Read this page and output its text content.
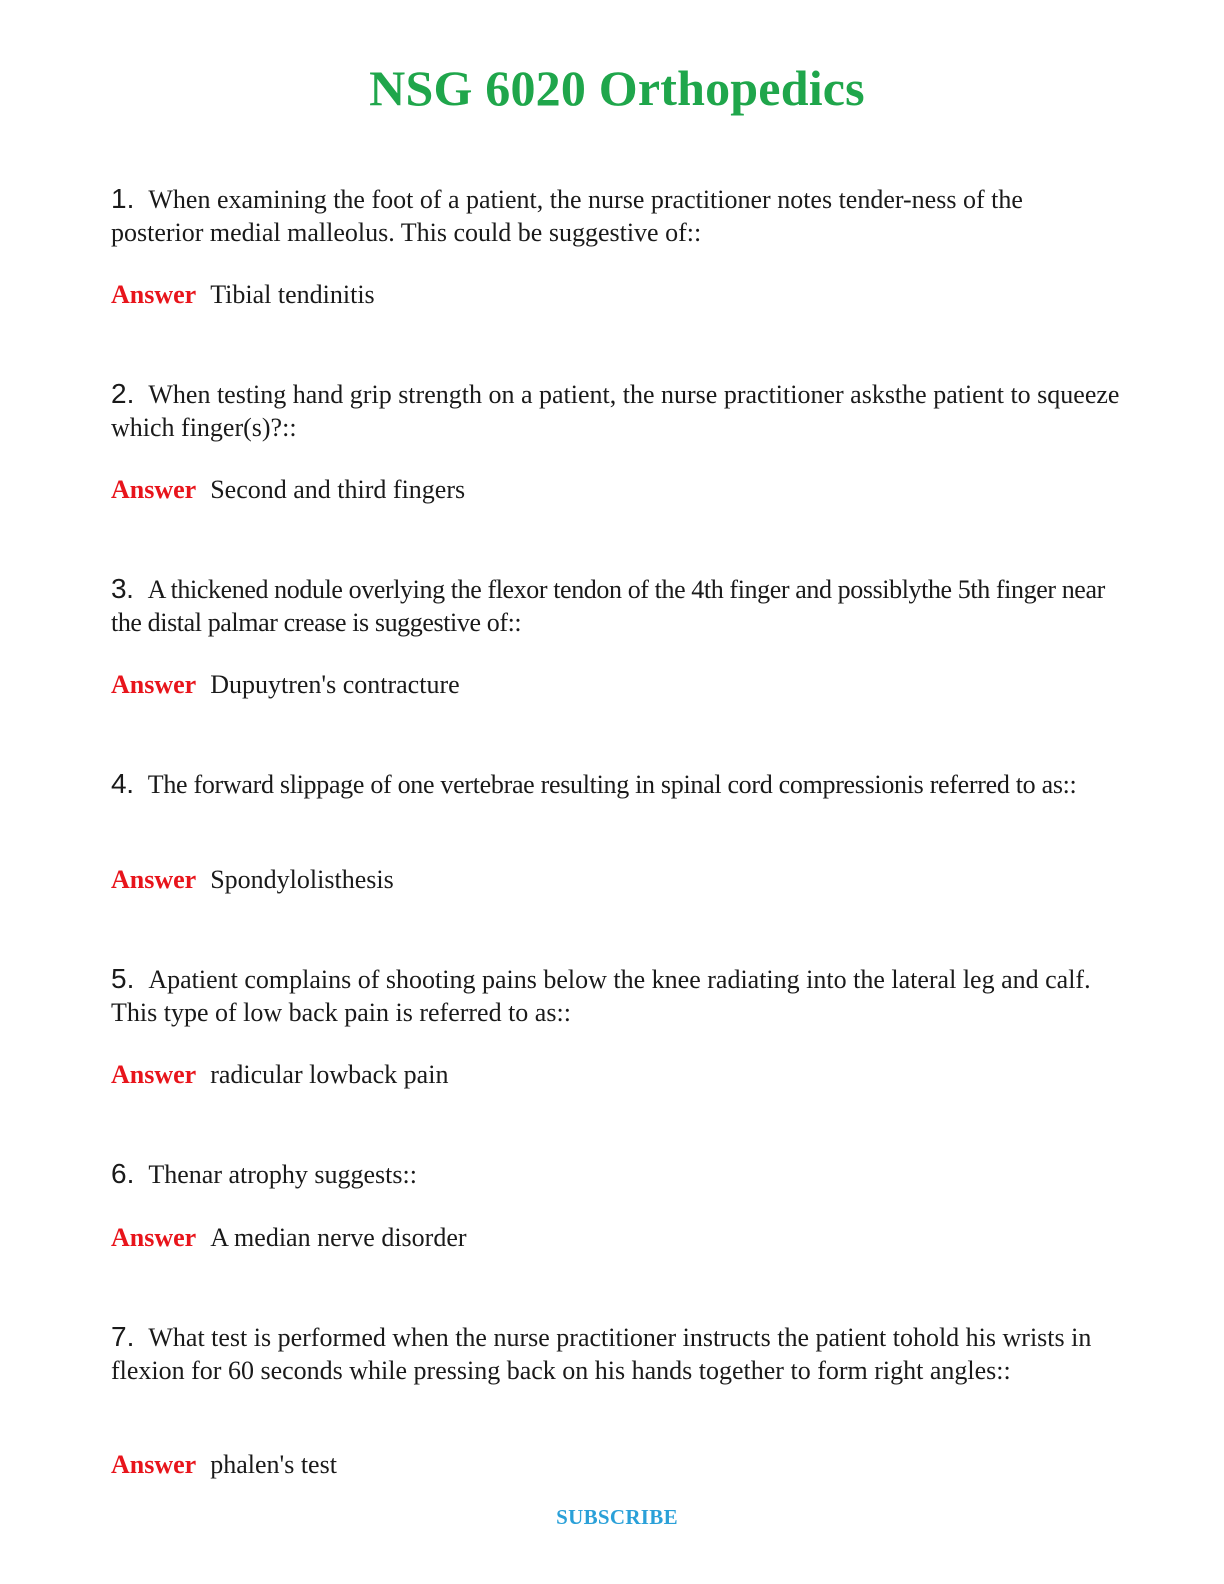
NSG 6020 Orthopedics
1. When examining the foot of a patient, the nurse practitioner notes tender-ness of the posterior medial malleolus. This could be suggestive of::
Answer Tibial tendinitis
2. When testing hand grip strength on a patient, the nurse practitioner asksthe patient to squeeze which finger(s)?::
Answer Second and third fingers
3. A thickened nodule overlying the flexor tendon of the 4th finger and possiblythe 5th finger near the distal palmar crease is suggestive of::
Answer Dupuytren's contracture
4. The forward slippage of one vertebrae resulting in spinal cord compressionis referred to as::
Answer Spondylolisthesis
5. Apatient complains of shooting pains below the knee radiating into the lateral leg and calf. This type of low back pain is referred to as::
Answer radicular lowback pain
6. Thenar atrophy suggests::
Answer A median nerve disorder
7. What test is performed when the nurse practitioner instructs the patient tohold his wrists in flexion for 60 seconds while pressing back on his hands together to form right angles::
Answer phalen's test
SUBSCRIBE
